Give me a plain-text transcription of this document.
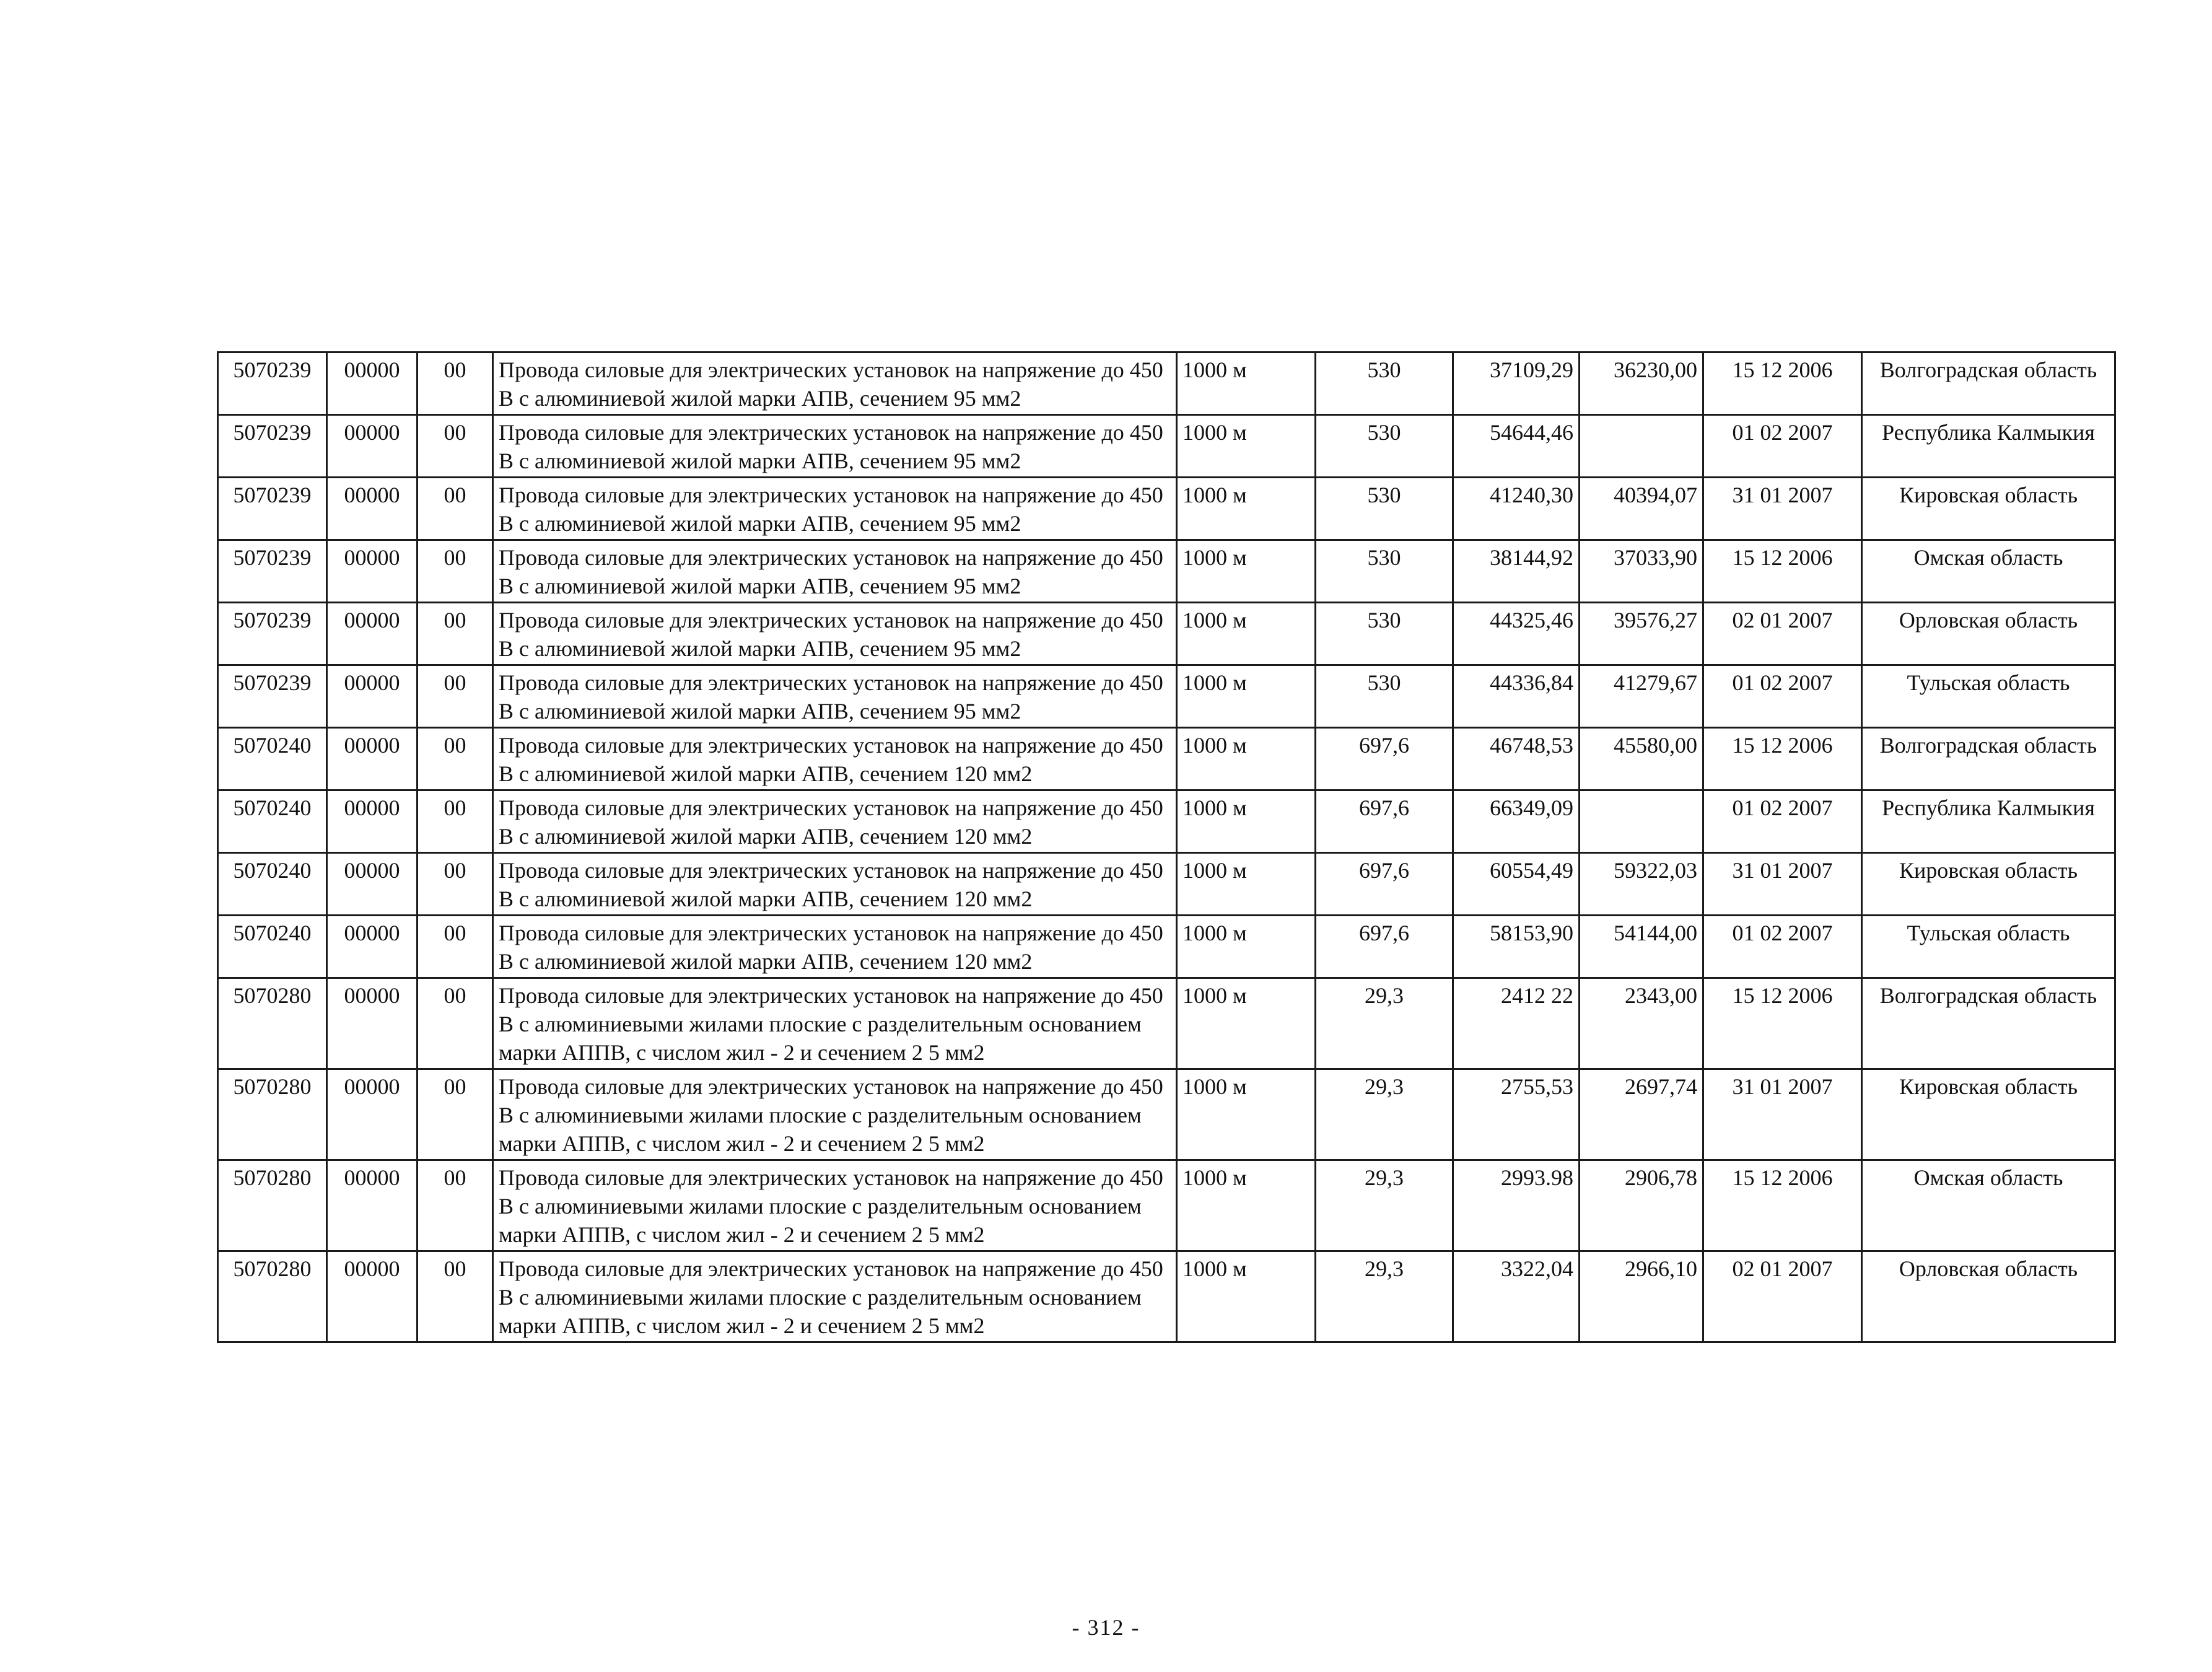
5070239	00000	00	Провода силовые для электрических установок на напряжение до 450 В с алюминиевой жилой марки АПВ, сечением 95 мм2	1000 м	530	37109,29	36230,00	15 12 2006	Волгоградская область
5070239	00000	00	Провода силовые для электрических установок на напряжение до 450 В с алюминиевой жилой марки АПВ, сечением 95 мм2	1000 м	530	54644,46		01 02 2007	Республика Калмыкия
5070239	00000	00	Провода силовые для электрических установок на напряжение до 450 В с алюминиевой жилой марки АПВ, сечением 95 мм2	1000 м	530	41240,30	40394,07	31 01 2007	Кировская область
5070239	00000	00	Провода силовые для электрических установок на напряжение до 450 В с алюминиевой жилой марки АПВ, сечением 95 мм2	1000 м	530	38144,92	37033,90	15 12 2006	Омская область
5070239	00000	00	Провода силовые для электрических установок на напряжение до 450 В с алюминиевой жилой марки АПВ, сечением 95 мм2	1000 м	530	44325,46	39576,27	02 01 2007	Орловская область
5070239	00000	00	Провода силовые для электрических установок на напряжение до 450 В с алюминиевой жилой марки АПВ, сечением 95 мм2	1000 м	530	44336,84	41279,67	01 02 2007	Тульская область
5070240	00000	00	Провода силовые для электрических установок на напряжение до 450 В с алюминиевой жилой марки АПВ, сечением 120 мм2	1000 м	697,6	46748,53	45580,00	15 12 2006	Волгоградская область
5070240	00000	00	Провода силовые для электрических установок на напряжение до 450 В с алюминиевой жилой марки АПВ, сечением 120 мм2	1000 м	697,6	66349,09		01 02 2007	Республика Калмыкия
5070240	00000	00	Провода силовые для электрических установок на напряжение до 450 В с алюминиевой жилой марки АПВ, сечением 120 мм2	1000 м	697,6	60554,49	59322,03	31 01 2007	Кировская область
5070240	00000	00	Провода силовые для электрических установок на напряжение до 450 В с алюминиевой жилой марки АПВ, сечением 120 мм2	1000 м	697,6	58153,90	54144,00	01 02 2007	Тульская область
5070280	00000	00	Провода силовые для электрических установок на напряжение до 450 В с алюминиевыми жилами плоские с разделительным основанием марки АППВ, с числом жил - 2 и сечением 2 5 мм2	1000 м	29,3	2412 22	2343,00	15 12 2006	Волгоградская область
5070280	00000	00	Провода силовые для электрических установок на напряжение до 450 В с алюминиевыми жилами плоские с разделительным основанием марки АППВ, с числом жил - 2 и сечением 2 5 мм2	1000 м	29,3	2755,53	2697,74	31 01 2007	Кировская область
5070280	00000	00	Провода силовые для электрических установок на напряжение до 450 В с алюминиевыми жилами плоские с разделительным основанием марки АППВ, с числом жил - 2 и сечением 2 5 мм2	1000 м	29,3	2993.98	2906,78	15 12 2006	Омская область
5070280	00000	00	Провода силовые для электрических установок на напряжение до 450 В с алюминиевыми жилами плоские с разделительным основанием марки АППВ, с числом жил - 2 и сечением 2 5 мм2	1000 м	29,3	3322,04	2966,10	02 01 2007	Орловская область
- 312 -
